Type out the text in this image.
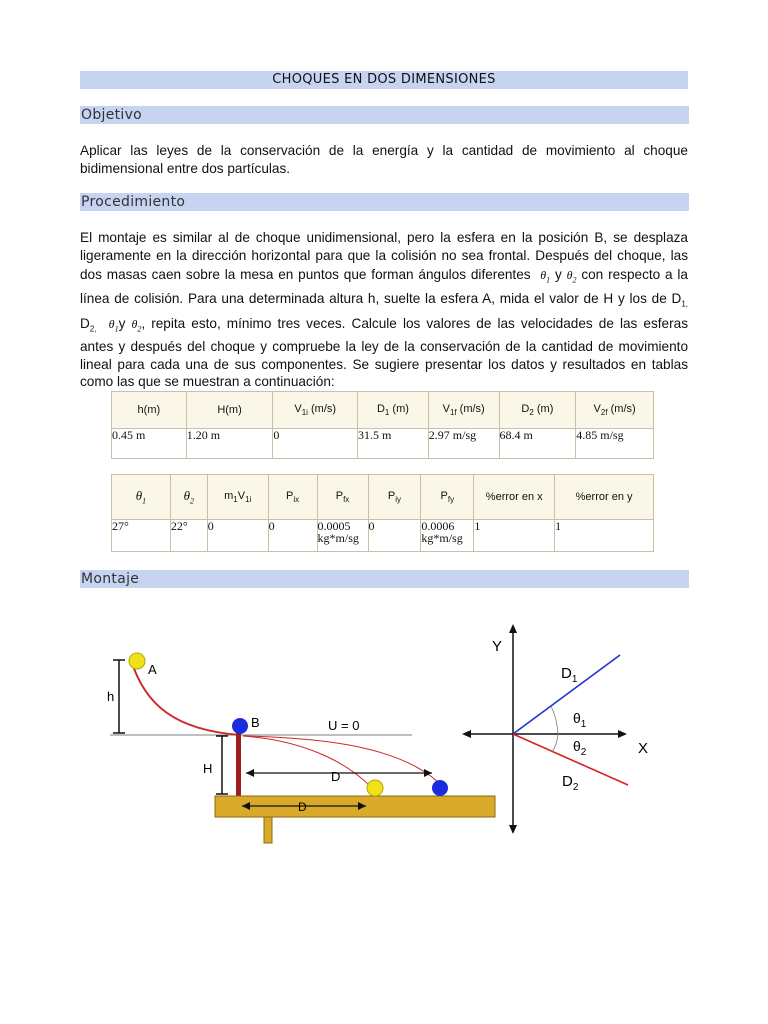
CHOQUES EN DOS DIMENSIONES
Objetivo
Aplicar las leyes de la conservación de la energía y la cantidad de movimiento al choque
bidimensional entre dos partículas.
Procedimiento
El montaje es similar al de choque unidimensional, pero la esfera en la posición B, se desplaza
ligeramente en la dirección horizontal para que la colisión no sea frontal. Después del choque, las
dos masas caen sobre la mesa en puntos que forman ángulos diferentes $\theta_1$ y $\theta_2$ con respecto a la
línea de colisión. Para una determinada altura h, suelte la esfera A, mida el valor de H y los de $D_{1,}$
$D_{2,}$ $\theta_1y$ $\theta_2$, repita esto, mínimo tres veces. Calcule los valores de las velocidades de las esferas
antes y después del choque y compruebe la ley de la conservación de la cantidad de movimiento
lineal para cada una de sus componentes. Se sugiere presentar los datos y resultados en tablas
como las que se muestran a continuación:
h(m)	H(m)	$V_{1i}$ (m/s)	$D_1$ (m)	$V_{1f}$ (m/s)	$D_2$ (m)	$V_{2f}$ (m/s)
0.45 m	1.20 m	0	31.5 m	2.97 m/sg	68.4 m	4.85 m/sg
$\theta_1$	$\theta_2$	$m_1V_{1i}$	$P_{ix}$	$P_{fx}$	$P_{iy}$	$P_{fy}$	%error en x	%error en y
27°	22°	0	0	0.0005 kg*m/sg	0	0.0006 kg*m/sg	1	1
Montaje
h
H
D
D
A
B	U = 0
Y
X
$D_1$
$\theta_1$
$\theta_2$
$D_2$
